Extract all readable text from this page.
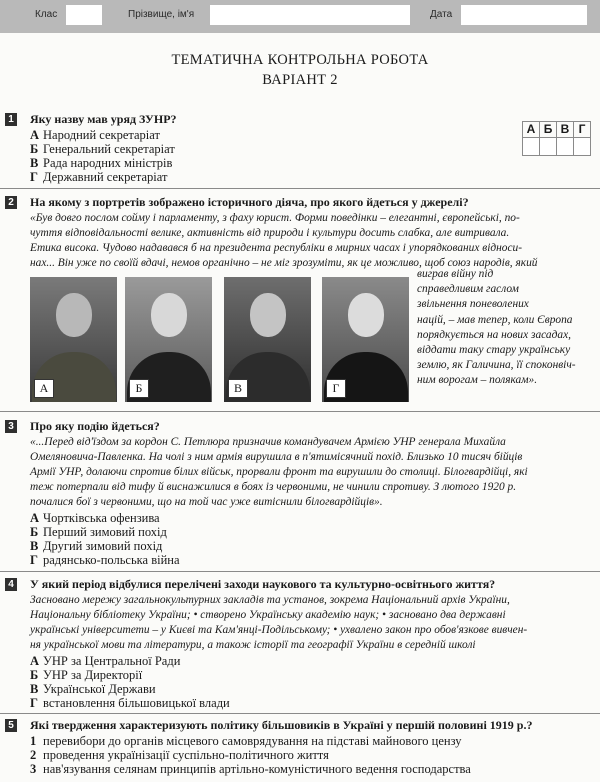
Клас	Прізвище, ім'я	Дата
ТЕМАТИЧНА КОНТРОЛЬНА РОБОТА
ВАРІАНТ 2
1 Яку назву мав уряд ЗУНР?
А Народний секретаріат
Б Генеральний секретаріат
В Рада народних міністрів
Г Державний секретаріат
А Б В Г
2 На якому з портретів зображено історичного діяча, про якого йдеться у джерелі?

«Був довго послом сойму і парламенту, з фаху юрист. Форми поведінки – елегантні, європейські, по-

чуття відповідальності велике, активність від природи і культури досить слабка, але витривала.

Етика висока. Чудово надавався б на президента республіки в мирних часах і упорядкованих відноси-

нах... Він уже по своїй вдачі, немов органічно – не міг зрозуміти, як це можливо, щоб союз народів, який

А	Б	В	Г

виграв війну під

справедливим гаслом

звільнення поневолених

націй, – мав тепер, коли Європа

порядкується на нових засадах,

віддати таку стару українську

землю, як Галичина, її споконвіч-

ним ворогам – полякам».

3 Про яку подію йдеться?

«...Перед від'їздом за кордон С. Петлюра призначив командувачем Армією УНР генерала Михайла

Омеляновича-Павленка. На чолі з ним армія вирушила в п'ятимісячний похід. Близько 10 тисяч бійців

Армії УНР, долаючи спротив білих військ, прорвали фронт та вирушили до столиці. Білогвардійці, які

теж потерпали від тифу й виснажилися в боях із червоними, не чинили спротиву. З лютого 1920 р.

почалися бої з червоними, що на той час уже витіснили білогвардійців».

А Чортківська офензива
Б Перший зимовий похід
В Другий зимовий похід
Г радянсько-польська війна
4 У який період відбулися перелічені заходи наукового та культурно-освітнього життя?

Засновано мережу загальнокультурних закладів та установ, зокрема Національний архів України,

Національну бібліотеку України; • створено Українську академію наук; • засновано два державні

українські університети – у Києві та Кам'янці-Подільському; • ухвалено закон про обов'язкове вивчен-

ня української мови та літератури, а також історії та географії України в середній школі

А УНР за Центральної Ради
Б УНР за Директорії
В Української Держави
Г встановлення більшовицької влади
5 Які твердження характеризують політику більшовиків в Україні у першій половині 1919 р.?
1 перевибори до органів місцевого самоврядування на підставі майнового цензу
2 проведення українізації суспільно-політичного життя
3 нав'язування селянам принципів артільно-комуністичного ведення господарства
